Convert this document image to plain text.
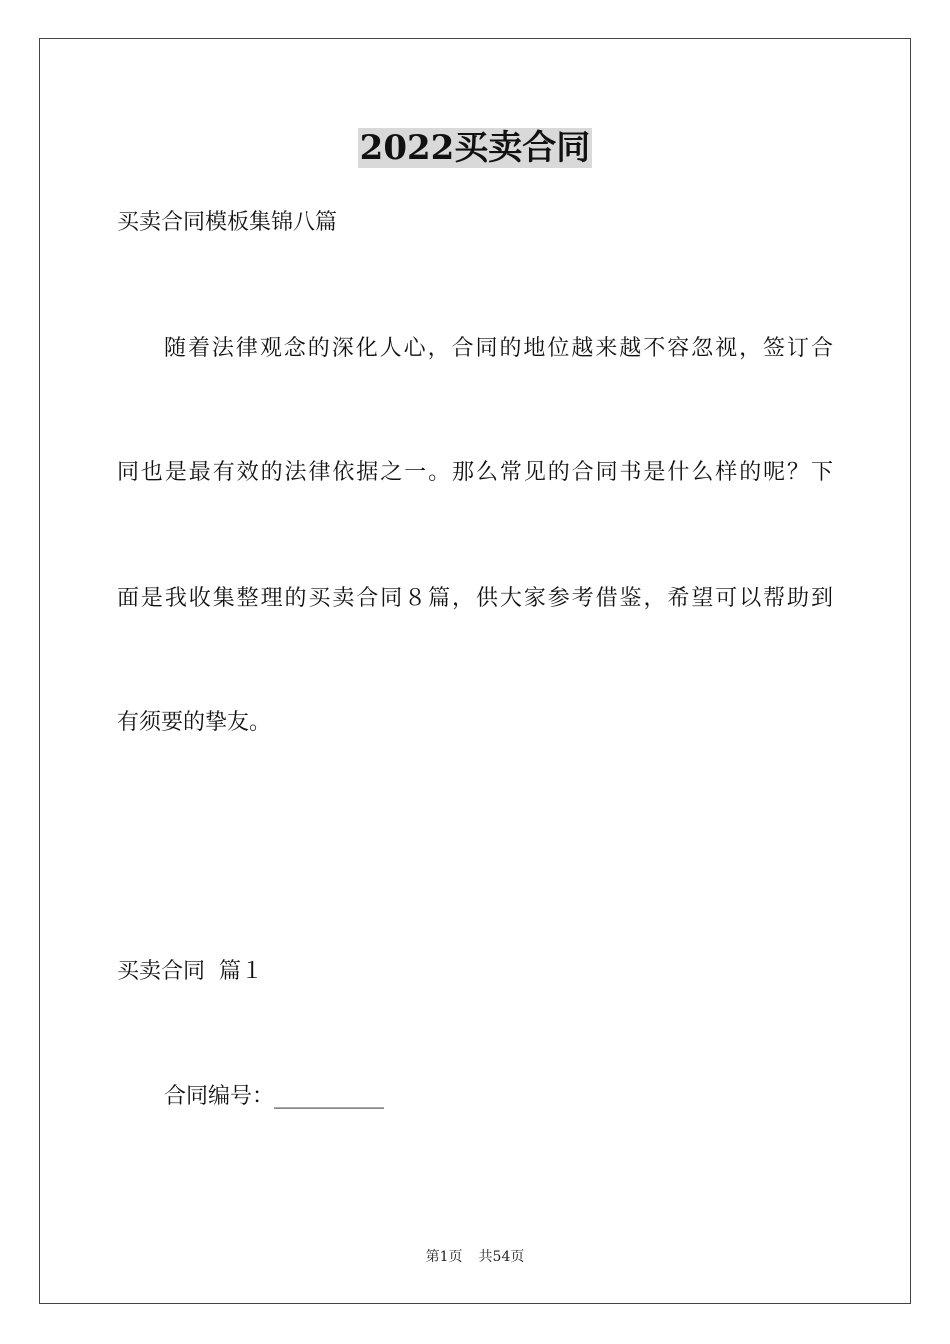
2022买卖合同
买卖合同模板集锦八篇
随着法律观念的深化人心，合同的地位越来越不容忽视，签订合
同也是最有效的法律依据之一。那么常见的合同书是什么样的呢？下
面是我收集整理的买卖合同８篇，供大家参考借鉴，希望可以帮助到
有须要的挚友。
买卖合同  篇１
合同编号：__________
第1页 共54页
